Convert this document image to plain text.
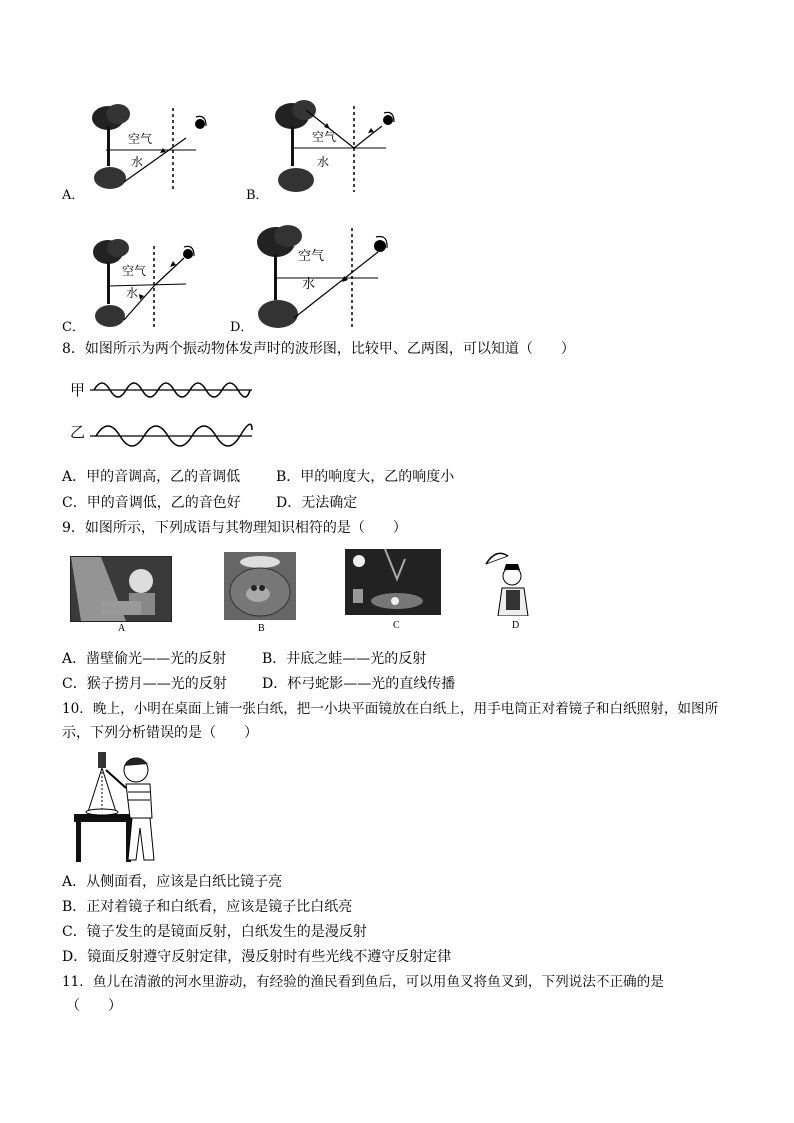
空气
水
A．
空气
水
B．
空气
水
C．
空气
水
D．
8．如图所示为两个振动物体发声时的波形图，比较甲、乙两图，可以知道（　　）
甲
乙
A．甲的音调高，乙的音调低	B．甲的响度大，乙的响度小
C．甲的音调低，乙的音色好	D．无法确定
9．如图所示，下列成语与其物理知识相符的是（　　）
A	B	C	D
A．凿壁偷光——光的反射	B．井底之蛙——光的反射
C．猴子捞月——光的反射	D．杯弓蛇影——光的直线传播
10．晚上，小明在桌面上铺一张白纸，把一小块平面镜放在白纸上，用手电筒正对着镜子和白纸照射，如图所
示，下列分析错误的是（　　）
A．从侧面看，应该是白纸比镜子亮
B．正对着镜子和白纸看，应该是镜子比白纸亮
C．镜子发生的是镜面反射，白纸发生的是漫反射
D．镜面反射遵守反射定律，漫反射时有些光线不遵守反射定律
11．鱼儿在清澈的河水里游动，有经验的渔民看到鱼后，可以用鱼叉将鱼叉到，下列说法不正确的是
（　　）
